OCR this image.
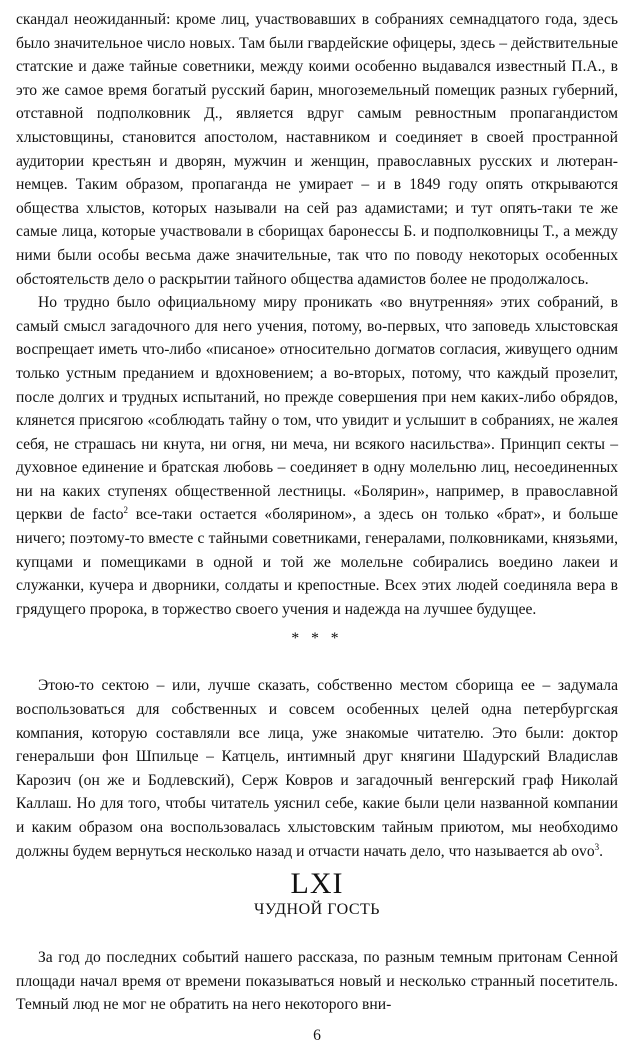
скандал неожиданный: кроме лиц, участвовавших в собраниях семнадцатого года, здесь было значительное число новых. Там были гвардейские офицеры, здесь – действительные статские и даже тайные советники, между коими особенно выдавался известный П.А., в это же самое время богатый русский барин, многоземельный помещик разных губерний, отставной подполковник Д., является вдруг самым ревностным пропагандистом хлыстовщины, становится апостолом, наставником и соединяет в своей пространной аудитории крестьян и дворян, мужчин и женщин, православных русских и лютеран-немцев. Таким образом, пропаганда не умирает – и в 1849 году опять открываются общества хлыстов, которых называли на сей раз адамистами; и тут опять-таки те же самые лица, которые участвовали в сборищах баронессы Б. и подполковницы Т., а между ними были особы весьма даже значительные, так что по поводу некоторых особенных обстоятельств дело о раскрытии тайного общества адамистов более не продолжалось.

Но трудно было официальному миру проникать «во внутренняя» этих собраний, в самый смысл загадочного для него учения, потому, во-первых, что заповедь хлыстовская воспрещает иметь что-либо «писаное» относительно догматов согласия, живущего одним только устным преданием и вдохновением; а во-вторых, потому, что каждый прозелит, после долгих и трудных испытаний, но прежде совершения при нем каких-либо обрядов, клянется присягою «соблюдать тайну о том, что увидит и услышит в собраниях, не жалея себя, не страшась ни кнута, ни огня, ни меча, ни всякого насильства». Принцип секты – духовное единение и братская любовь – соединяет в одну молельню лиц, несоединенных ни на каких ступенях общественной лестницы. «Болярин», например, в православной церкви de facto$^2$ все-таки остается «болярином», а здесь он только «брат», и больше ничего; поэтому-то вместе с тайными советниками, генералами, полковниками, князьями, купцами и помещиками в одной и той же молельне собирались воедино лакеи и служанки, кучера и дворники, солдаты и крепостные. Всех этих людей соединяла вера в грядущего пророка, в торжество своего учения и надежда на лучшее будущее.

* * *

Этою-то сектою – или, лучше сказать, собственно местом сборища ее – задумала воспользоваться для собственных и совсем особенных целей одна петербургская компания, которую составляли все лица, уже знакомые читателю. Это были: доктор генеральши фон Шпильце – Катцель, интимный друг княгини Шадурский Владислав Карозич (он же и Бодлевский), Серж Ковров и загадочный венгерский граф Николай Каллаш. Но для того, чтобы читатель уяснил себе, какие были цели названной компании и каким образом она воспользовалась хлыстовским тайным приютом, мы необходимо должны будем вернуться несколько назад и отчасти начать дело, что называется ab ovo$^3$.

LXI
ЧУДНОЙ ГОСТЬ

За год до последних событий нашего рассказа, по разным темным притонам Сенной площади начал время от времени показываться новый и несколько странный посетитель. Темный люд не мог не обратить на него некоторого вни-

6
